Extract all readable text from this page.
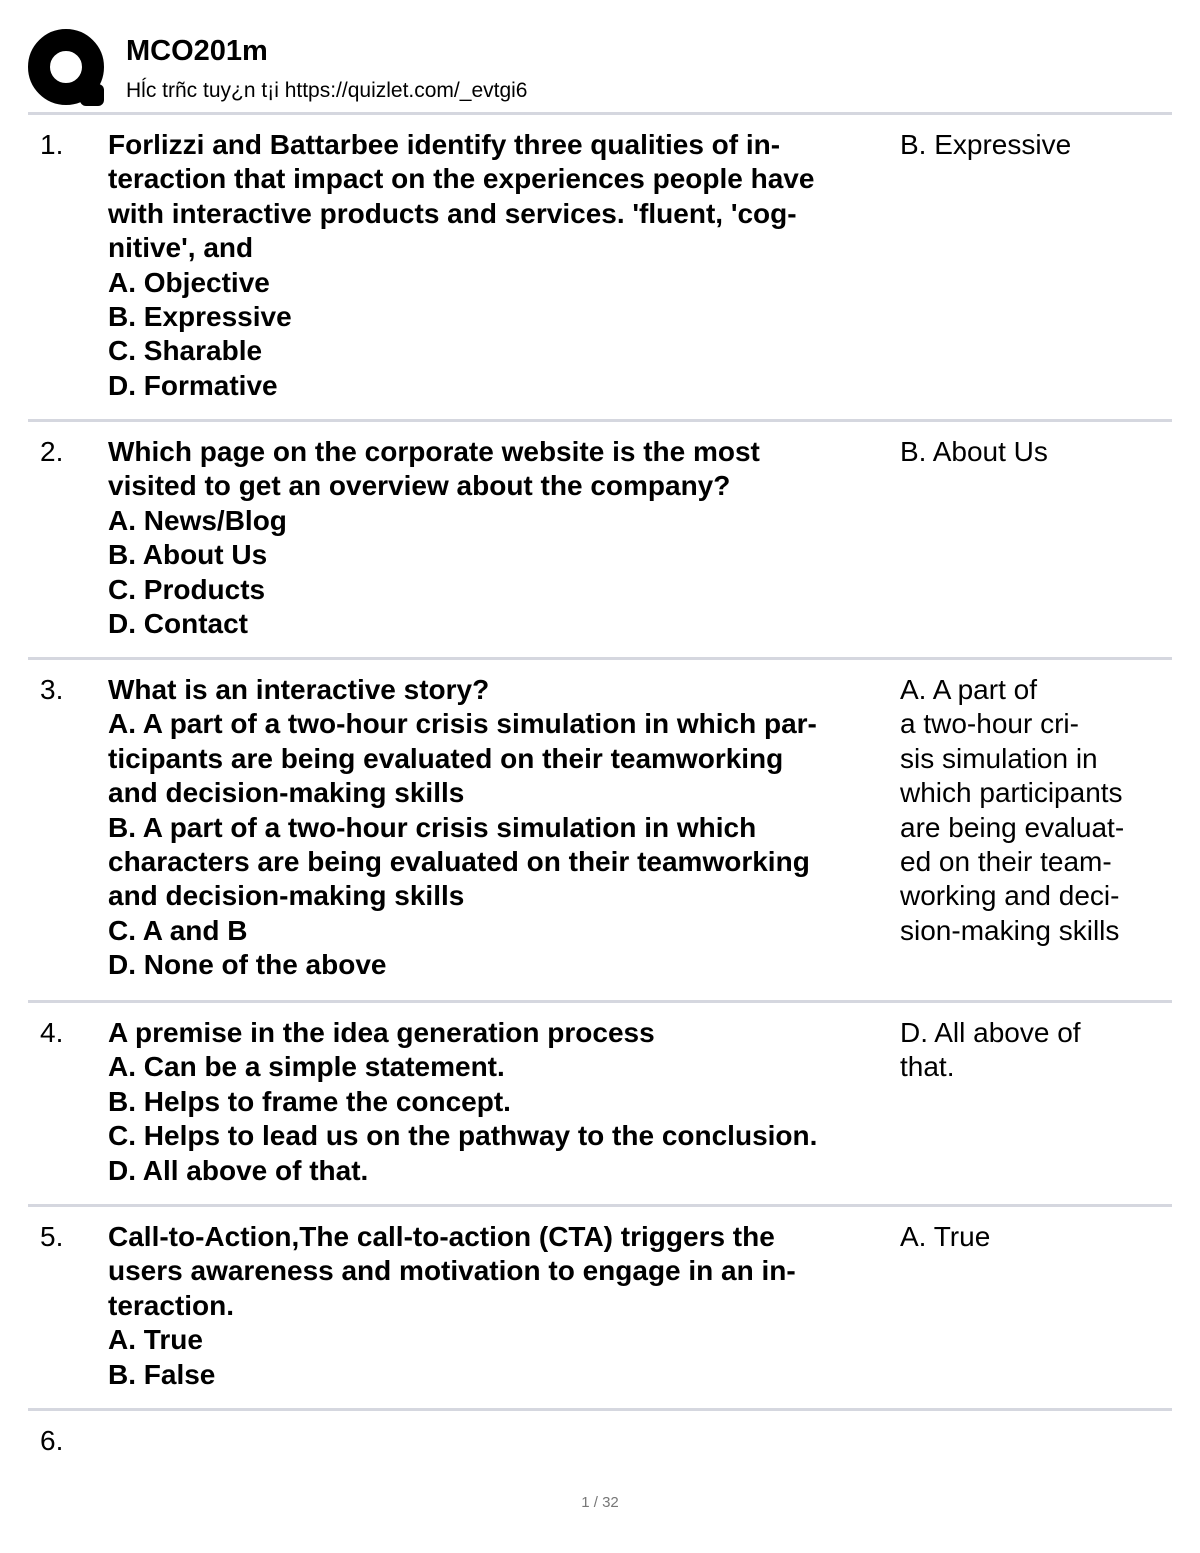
MCO201m
Hĺc trñc tuy¿n t¡i https://quizlet.com/_evtgi6
1. Forlizzi and Battarbee identify three qualities of in-
teraction that impact on the experiences people have
with interactive products and services. 'fluent, 'cog-
nitive', and
A. Objective
B. Expressive
C. Sharable
D. Formative
B. Expressive
2. Which page on the corporate website is the most
visited to get an overview about the company?
A. News/Blog
B. About Us
C. Products
D. Contact
B. About Us
3. What is an interactive story?
A. A part of a two-hour crisis simulation in which par-
ticipants are being evaluated on their teamworking
and decision-making skills
B. A part of a two-hour crisis simulation in which
characters are being evaluated on their teamworking
and decision-making skills
C. A and B
D. None of the above
A. A part of
a two-hour cri-
sis simulation in
which participants
are being evaluat-
ed on their team-
working and deci-
sion-making skills
4. A premise in the idea generation process
A. Can be a simple statement.
B. Helps to frame the concept.
C. Helps to lead us on the pathway to the conclusion.
D. All above of that.
D. All above of
that.
5. Call-to-Action,The call-to-action (CTA) triggers the
users awareness and motivation to engage in an in-
teraction.
A. True
B. False
A. True
6.
1 / 32
